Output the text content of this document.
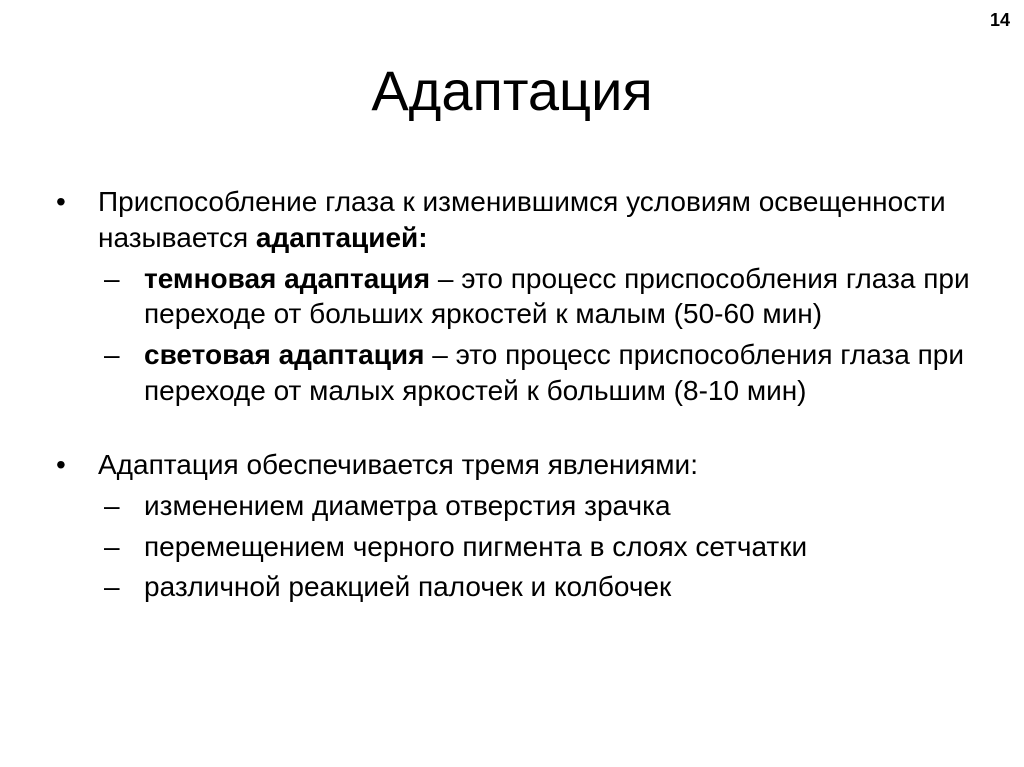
14
Адаптация
•	Приспособление глаза к изменившимся условиям освещенности называется адаптацией:
– темновая адаптация – это процесс приспособления глаза при переходе от больших яркостей к малым (50-60 мин)
– световая адаптация – это процесс приспособления глаза при переходе от малых яркостей к большим (8-10 мин)
•	Адаптация обеспечивается тремя явлениями:
– изменением диаметра отверстия зрачка
– перемещением черного пигмента в слоях сетчатки
– различной реакцией палочек и колбочек
